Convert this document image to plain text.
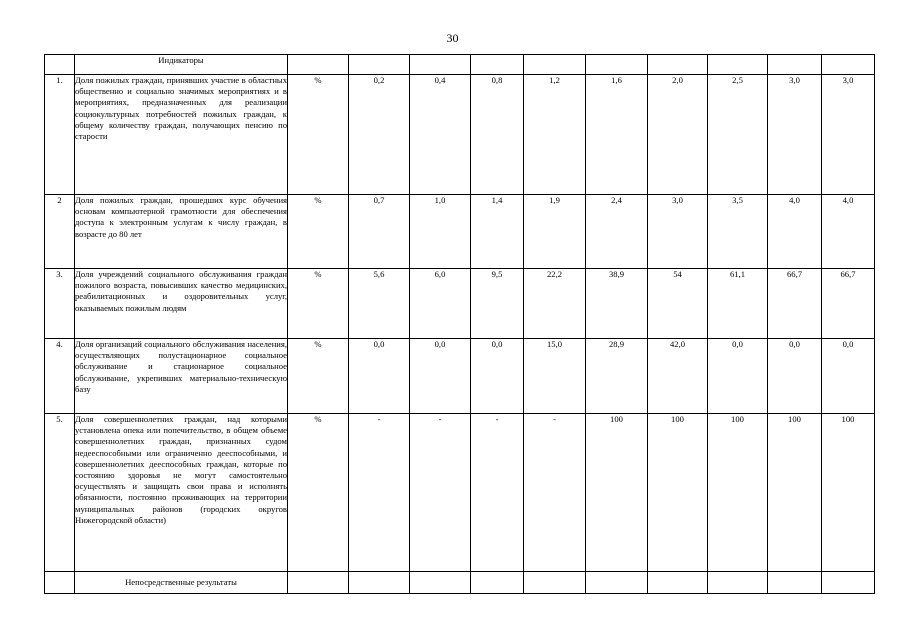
30
	Индикаторы										
1.	Доля пожилых граждан, принявших участие в областных общественно и социально значимых мероприятиях и в мероприятиях, предназначенных для реализации социокультурных потребностей пожилых граждан, к общему количеству граждан, получающих пенсию по старости	%	0,2	0,4	0,8	1,2	1,6	2,0	2,5	3,0	3,0
2	Доля пожилых граждан, прошедших курс обучения основам компьютерной грамотности для обеспечения доступа к электронным услугам к числу граждан, в возрасте до 80 лет	%	0,7	1,0	1,4	1,9	2,4	3,0	3,5	4,0	4,0
3.	Доля учреждений социального обслуживания граждан пожилого возраста, повысивших качество медицинских, реабилитационных и оздоровительных услуг, оказываемых пожилым людям	%	5,6	6,0	9,5	22,2	38,9	54	61,1	66,7	66,7
4.	Доля организаций социального обслуживания населения, осуществляющих полустационарное социальное обслуживание и стационарное социальное обслуживание, укрепивших материально-техническую базу	%	0,0	0,0	0,0	15,0	28,9	42,0	0,0	0,0	0,0
5.	Доля совершеннолетних граждан, над которыми установлена опека или попечительство, в общем объеме совершеннолетних граждан, признанных судом недееспособными или ограниченно дееспособными, и совершеннолетних дееспособных граждан, которые по состоянию здоровья не могут самостоятельно осуществлять и защищать свои права и исполнять обязанности, постоянно проживающих на территории муниципальных районов (городских округов Нижегородской области)	%	-	-	-	-	100	100	100	100	100
	Непосредственные результаты										
